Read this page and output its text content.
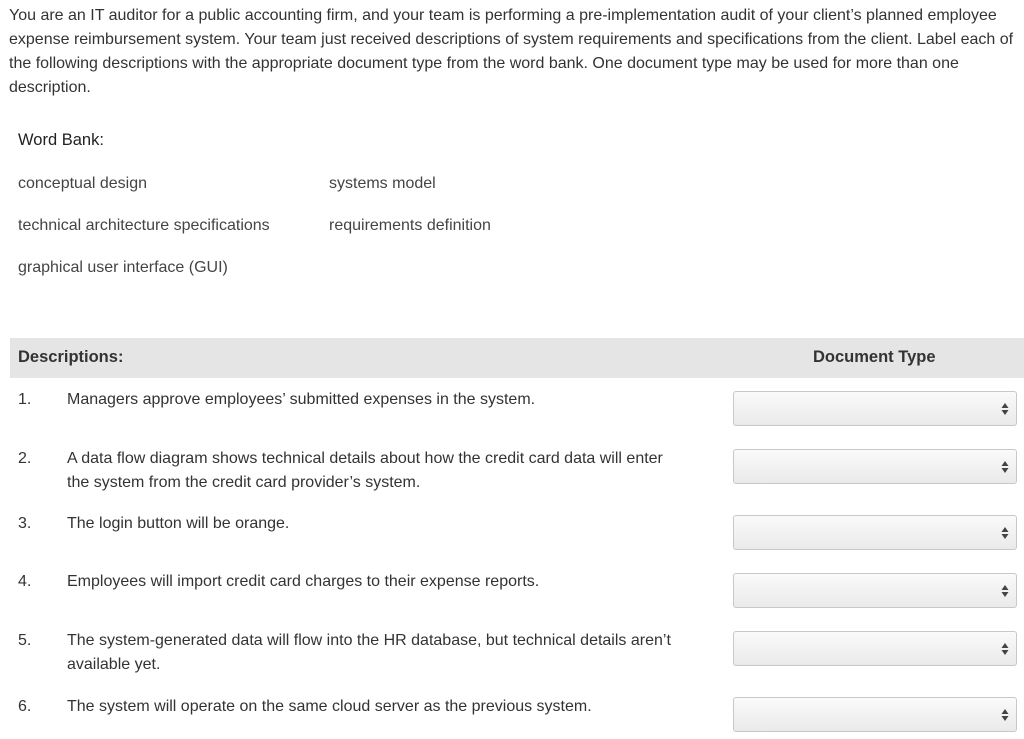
You are an IT auditor for a public accounting firm, and your team is performing a pre-implementation audit of your client’s planned employee expense reimbursement system. Your team just received descriptions of system requirements and specifications from the client. Label each of the following descriptions with the appropriate document type from the word bank. One document type may be used for more than one description.

Word Bank:
conceptual design	systems model
technical architecture specifications	requirements definition
graphical user interface (GUI)
Descriptions:	Document Type
1. Managers approve employees’ submitted expenses in the system.
2. A data flow diagram shows technical details about how the credit card data will enter the system from the credit card provider’s system.
3. The login button will be orange.
4. Employees will import credit card charges to their expense reports.
5. The system-generated data will flow into the HR database, but technical details aren’t available yet.
6. The system will operate on the same cloud server as the previous system.
